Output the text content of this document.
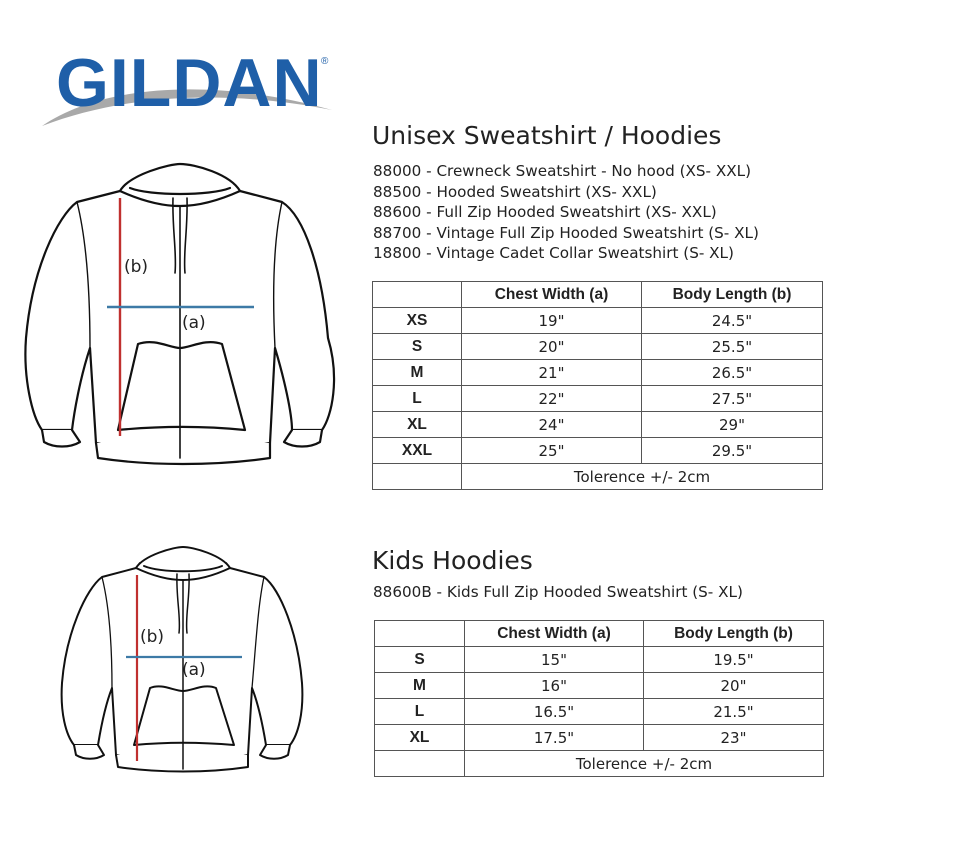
GILDAN
®
Unisex Sweatshirt / Hoodies
88000 - Crewneck Sweatshirt - No hood (XS- XXL)
88500 - Hooded Sweatshirt (XS- XXL)
88600 - Full Zip Hooded Sweatshirt (XS- XXL)
88700 - Vintage Full Zip Hooded Sweatshirt (S- XL)
18800 - Vintage Cadet Collar Sweatshirt (S- XL)
	Chest Width (a)	Body Length (b)
XS	19"	24.5"
S	20"	25.5"
M	21"	26.5"
L	22"	27.5"
XL	24"	29"
XXL	25"	29.5"
	Tolerence +/- 2cm	
(b)
(a)
Kids Hoodies
88600B - Kids Full Zip Hooded Sweatshirt (S- XL)
	Chest Width (a)	Body Length (b)
S	15"	19.5"
M	16"	20"
L	16.5"	21.5"
XL	17.5"	23"
	Tolerence +/- 2cm	
(b)
(a)
